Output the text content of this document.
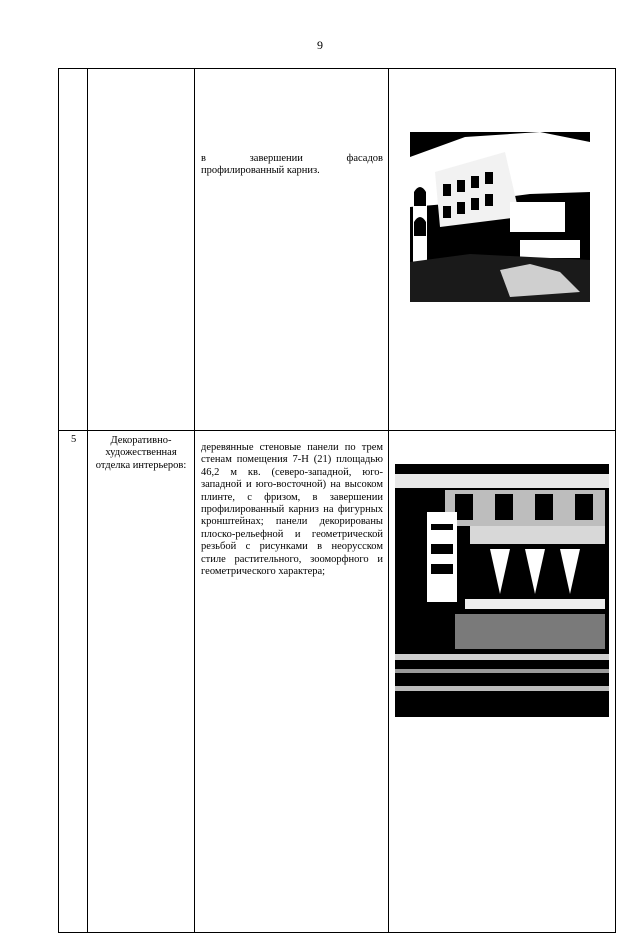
9
		в завершении фасадов профилированный карниз.	

5	Декоративно-художественная отделка интерьеров:	деревянные стеновые панели по трем стенам помещения 7-Н (21) площадью 46,2 м кв. (северо-западной, юго-западной и юго-восточной) на высоком плинте, с фризом, в завершении профилированный карниз на фигурных кронштейнах; панели декорированы плоско-рельефной и геометрической резьбой с рисунками в неорусском стиле растительного, зооморфного и геометрического характера;	
